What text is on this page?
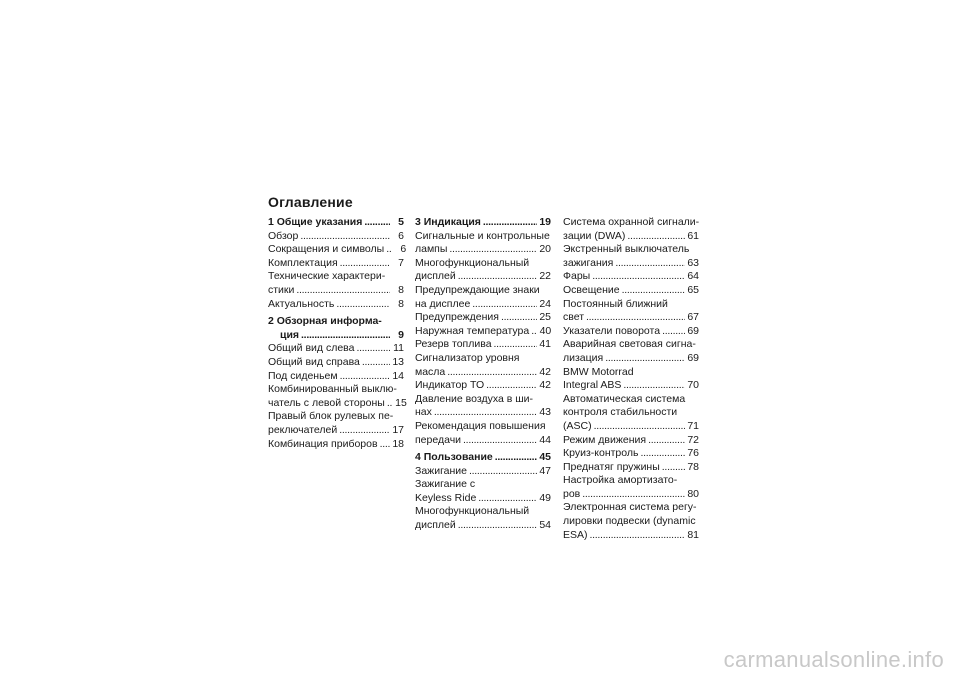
Оглавление
1 Общие указания . . .	5
Обзор . . .	6
Сокращения и символы . . .	6
Комплектация . . .	7
Технические характери-
стики . . .	8
Актуальность . . .	8
2 Обзорная информа-
ция . . .	9
Общий вид слева . . .	11
Общий вид справа . . .	13
Под сиденьем . . .	14
Комбинированный выклю-
чатель с левой стороны . . . 15
Правый блок рулевых пе-
реключателей . . .	17
Комбинация приборов . . . 18
3 Индикация . . .	19
Сигнальные и контрольные
лампы . . .	20
Многофункциональный
дисплей . . .	22
Предупреждающие знаки
на дисплее . . .	24
Предупреждения . . .	25
Наружная температура . . . 40
Резерв топлива . . .	41
Сигнализатор уровня
масла . . .	42
Индикатор ТО . . .	42
Давление воздуха в ши-
нах . . .	43
Рекомендация повышения
передачи . . .	44
4 Пользование . . .	45
Зажигание . . .	47
Зажигание с
Keyless Ride . . .	49
Многофункциональный
дисплей . . .	54
Система охранной сигнали-
зации (DWA) . . .	61
Экстренный выключатель
зажигания . . .	63
Фары . . .	64
Освещение . . .	65
Постоянный ближний
свет . . .	67
Указатели поворота . . .	69
Аварийная световая сигна-
лизация . . .	69
BMW Motorrad
Integral ABS . . .	70
Автоматическая система
контроля стабильности
(ASC) . . .	71
Режим движения . . .	72
Круиз-контроль . . .	76
Преднатяг пружины . . .	78
Настройка амортизато-
ров . . .	80
Электронная система регу-
лировки подвески (dynamic
ESA) . . .	81
carmanualsonline.info
